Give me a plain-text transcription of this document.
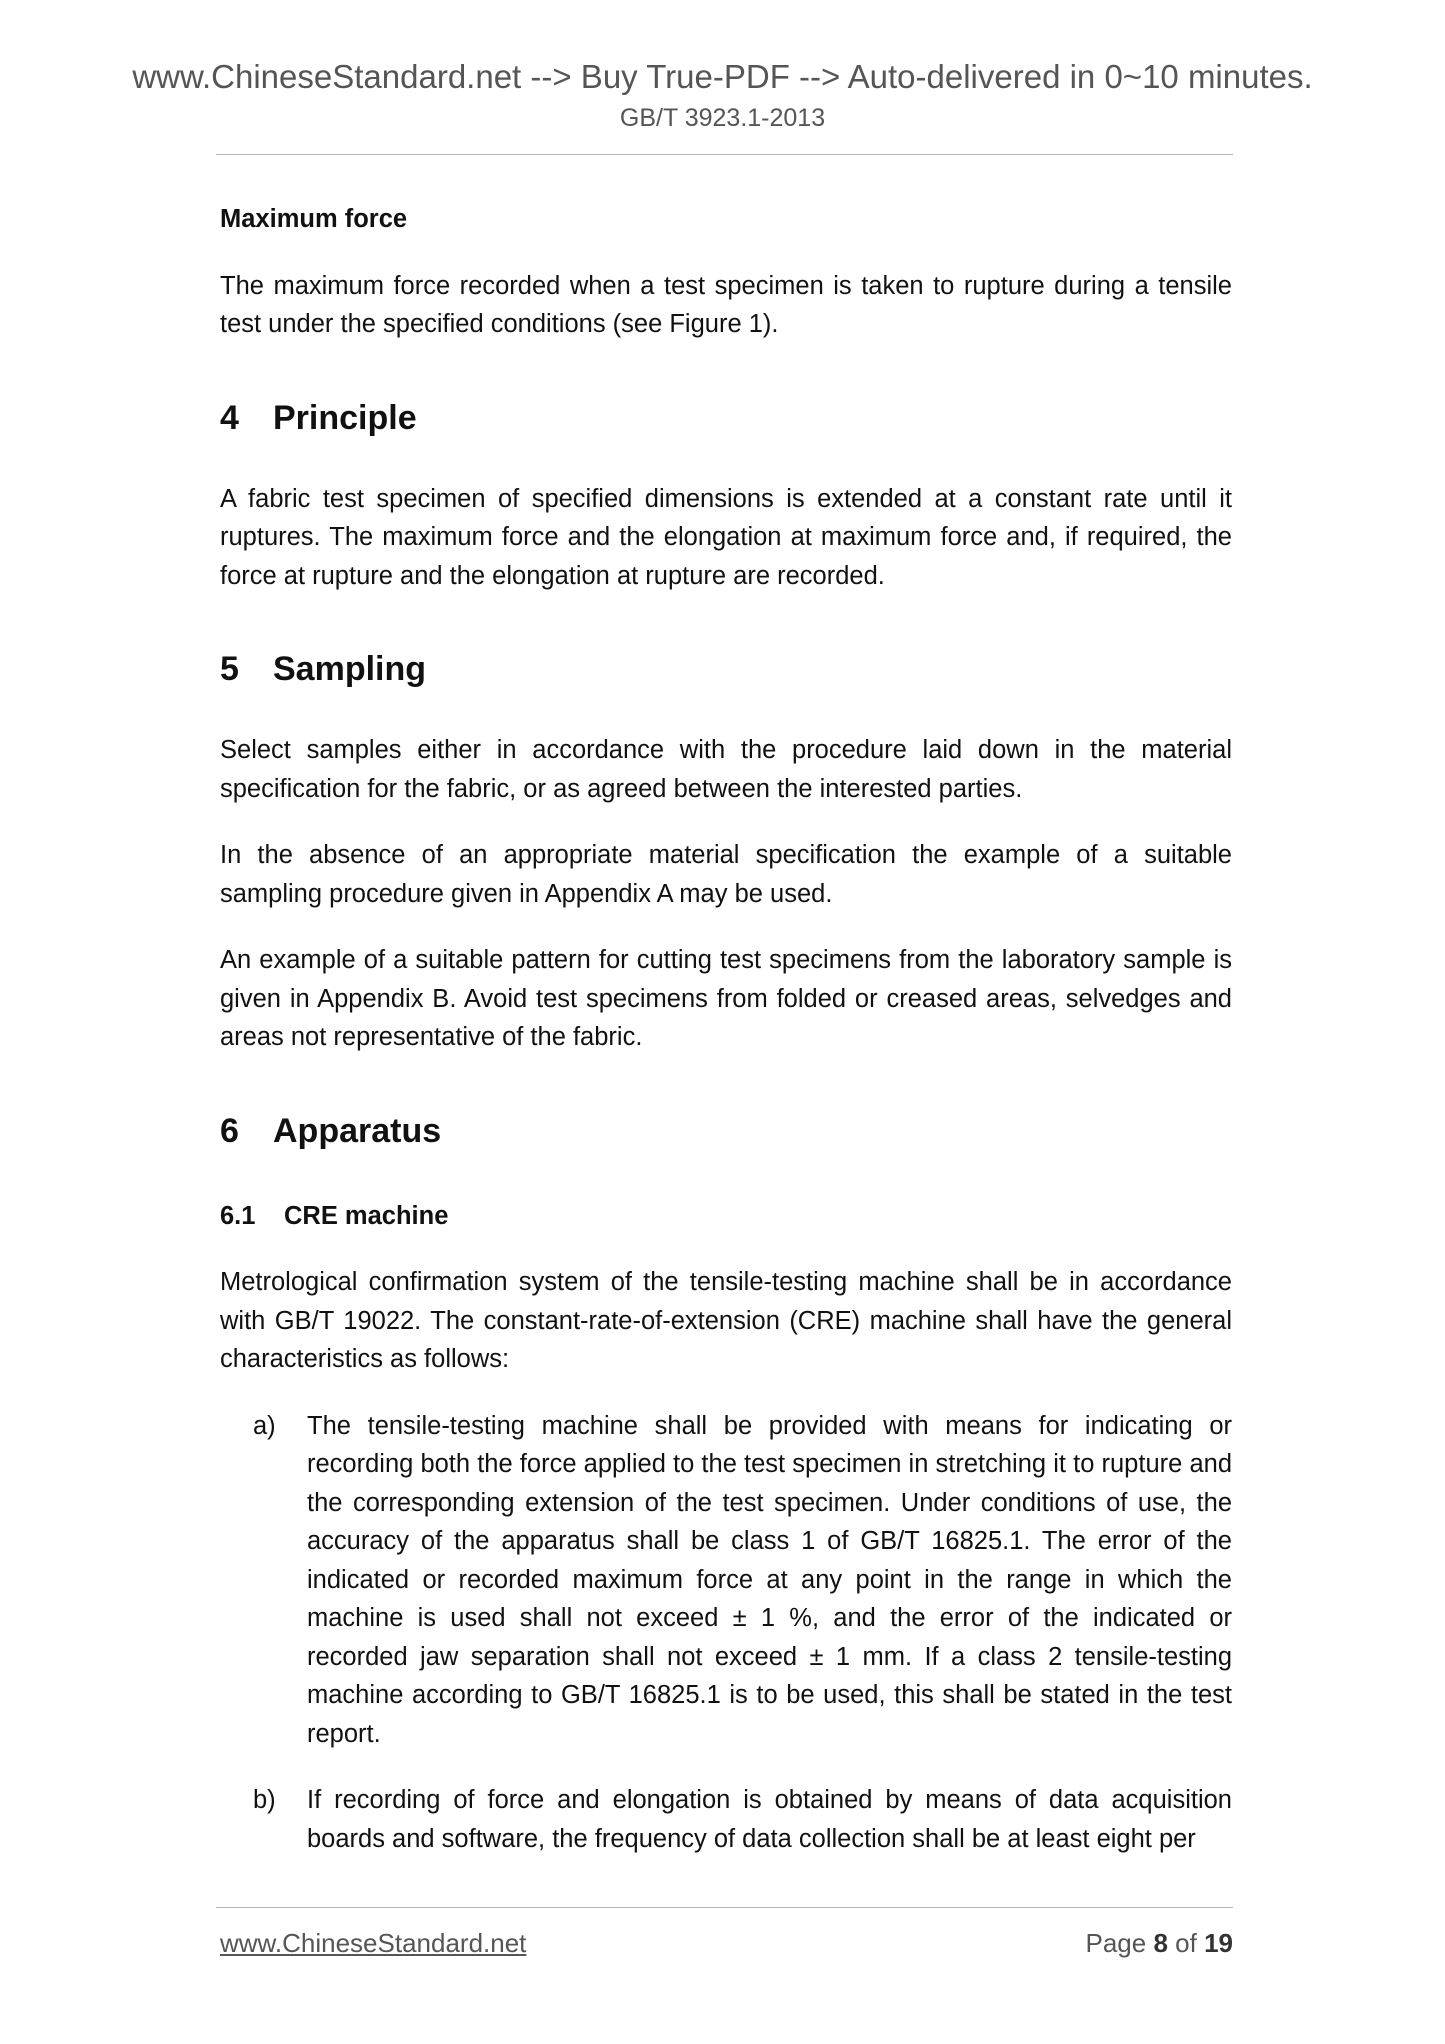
www.ChineseStandard.net --> Buy True-PDF --> Auto-delivered in 0~10 minutes.
GB/T 3923.1-2013
Maximum force

The maximum force recorded when a test specimen is taken to rupture during a tensile test under the specified conditions (see Figure 1).

4	Principle

A fabric test specimen of specified dimensions is extended at a constant rate until it ruptures. The maximum force and the elongation at maximum force and, if required, the force at rupture and the elongation at rupture are recorded.

5	Sampling

Select samples either in accordance with the procedure laid down in the material specification for the fabric, or as agreed between the interested parties.

In the absence of an appropriate material specification the example of a suitable sampling procedure given in Appendix A may be used.

An example of a suitable pattern for cutting test specimens from the laboratory sample is given in Appendix B. Avoid test specimens from folded or creased areas, selvedges and areas not representative of the fabric.

6	Apparatus
6.1	CRE machine

Metrological confirmation system of the tensile-testing machine shall be in accordance with GB/T 19022. The constant-rate-of-extension (CRE) machine shall have the general characteristics as follows:

a)	The tensile-testing machine shall be provided with means for indicating or recording both the force applied to the test specimen in stretching it to rupture and the corresponding extension of the test specimen. Under conditions of use, the accuracy of the apparatus shall be class 1 of GB/T 16825.1. The error of the indicated or recorded maximum force at any point in the range in which the machine is used shall not exceed ± 1 %, and the error of the indicated or recorded jaw separation shall not exceed ± 1 mm. If a class 2 tensile-testing machine according to GB/T 16825.1 is to be used, this shall be stated in the test report.
b)	If recording of force and elongation is obtained by means of data acquisition boards and software, the frequency of data collection shall be at least eight per
www.ChineseStandard.net	Page 8 of 19
